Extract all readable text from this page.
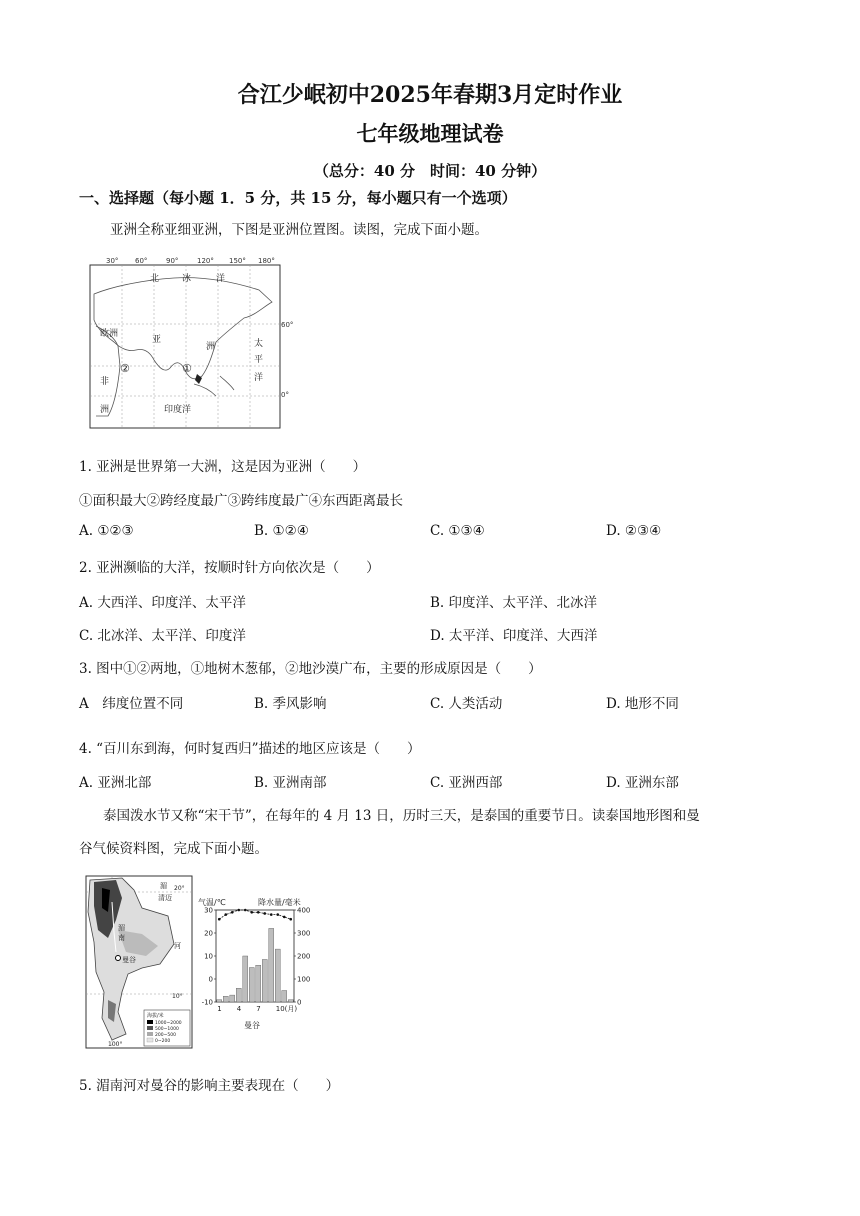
合江少岷初中2025年春期3月定时作业
七年级地理试卷
（总分：40 分　时间：40 分钟）
一、选择题（每小题 1．5 分，共 15 分，每小题只有一个选项）
亚洲全称亚细亚洲，下图是亚洲位置图。读图，完成下面小题。
30° 60°	90°	120° 150° 180°
60°
0°
北	冰	洋
欧洲
亚
洲	太
平
洋
非
洲	印度洋
①
②
1. 亚洲是世界第一大洲，这是因为亚洲（　　）
①面积最大②跨经度最广③跨纬度最广④东西距离最长
A. ①②③	B. ①②④	C. ①③④	D. ②③④
2. 亚洲濒临的大洋，按顺时针方向依次是（　　）
A. 大西洋、印度洋、太平洋	B. 印度洋、太平洋、北冰洋
C. 北冰洋、太平洋、印度洋	D. 太平洋、印度洋、大西洋
3. 图中①②两地，①地树木葱郁，②地沙漠广布，主要的形成原因是（　　）
A　纬度位置不同	B. 季风影响	C. 人类活动	D. 地形不同
4. “百川东到海，何时复西归”描述的地区应该是（　　）
A. 亚洲北部	B. 亚洲南部	C. 亚洲西部	D. 亚洲东部
泰国泼水节又称“宋干节”，在每年的 4 月 13 日，历时三天，是泰国的重要节日。读泰国地形图和曼
谷气候资料图，完成下面小题。
湄
清迈
南
河
湄
曼谷
20°
10°
100°
海拔/米
1000~2000
500~1000
200~500
0~200
气温/℃	降水量/毫米
30
20
10
0
-10
400
300
200
100
0
1 4 7 10(月)
曼谷
5. 湄南河对曼谷的影响主要表现在（　　）
